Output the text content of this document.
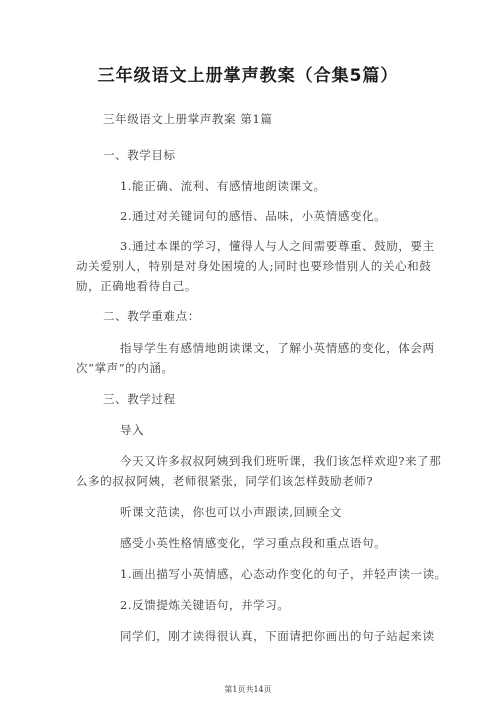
三年级语文上册掌声教案（合集5篇）
三年级语文上册掌声教案 第1篇
一、教学目标
1.能正确、流利、有感情地朗读课文。
2.通过对关键词句的感悟、品味，小英情感变化。
3.通过本课的学习，懂得人与人之间需要尊重、鼓励，要主
动关爱别人，特别是对身处困境的人;同时也要珍惜别人的关心和鼓
励，正确地看待自己。
二、教学重难点：
指导学生有感情地朗读课文，了解小英情感的变化，体会两
次“掌声”的内涵。
三、教学过程
导入
今天又许多叔叔阿姨到我们班听课，我们该怎样欢迎?来了那
么多的叔叔阿姨，老师很紧张，同学们该怎样鼓励老师?
听课文范读，你也可以小声跟读,回顾全文
感受小英性格情感变化，学习重点段和重点语句。
1.画出描写小英情感，心态动作变化的句子，并轻声读一读。
2.反馈提炼关键语句，并学习。
同学们，刚才读得很认真，下面请把你画出的句子站起来读
第1页共14页
